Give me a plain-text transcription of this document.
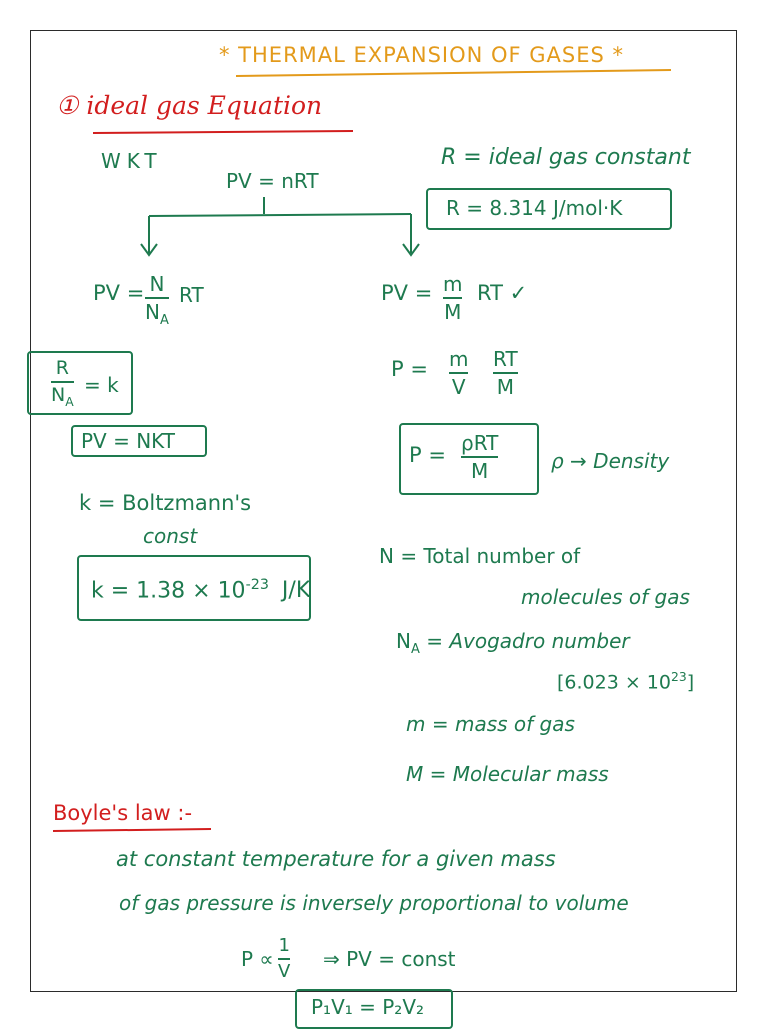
* THERMAL EXPANSION OF GASES *
① ideal gas Equation
WKT	R = ideal gas constant
PV = nRT
R = 8.314 J/mol·K
PV = N
$N_A$
RT
R
$N_A$
= k
PV = NKT
k = Boltzmann's
const
$k = 1.38 \times 10^{-23}$ J/K
PV = m
M
RT ✓
P = m
V
RT
M
P = ρRT
M	ρ → Density
N = Total number of
molecules of gas
$N_A$ = Avogadro number
$[6.023 \times 10^{23}]$
m = mass of gas
M = Molecular mass
Boyle's law :-
at constant temperature for a given mass
of gas pressure is inversely proportional to volume
P ∝
1
V
⇒ PV = const
P₁V₁ = P₂V₂
